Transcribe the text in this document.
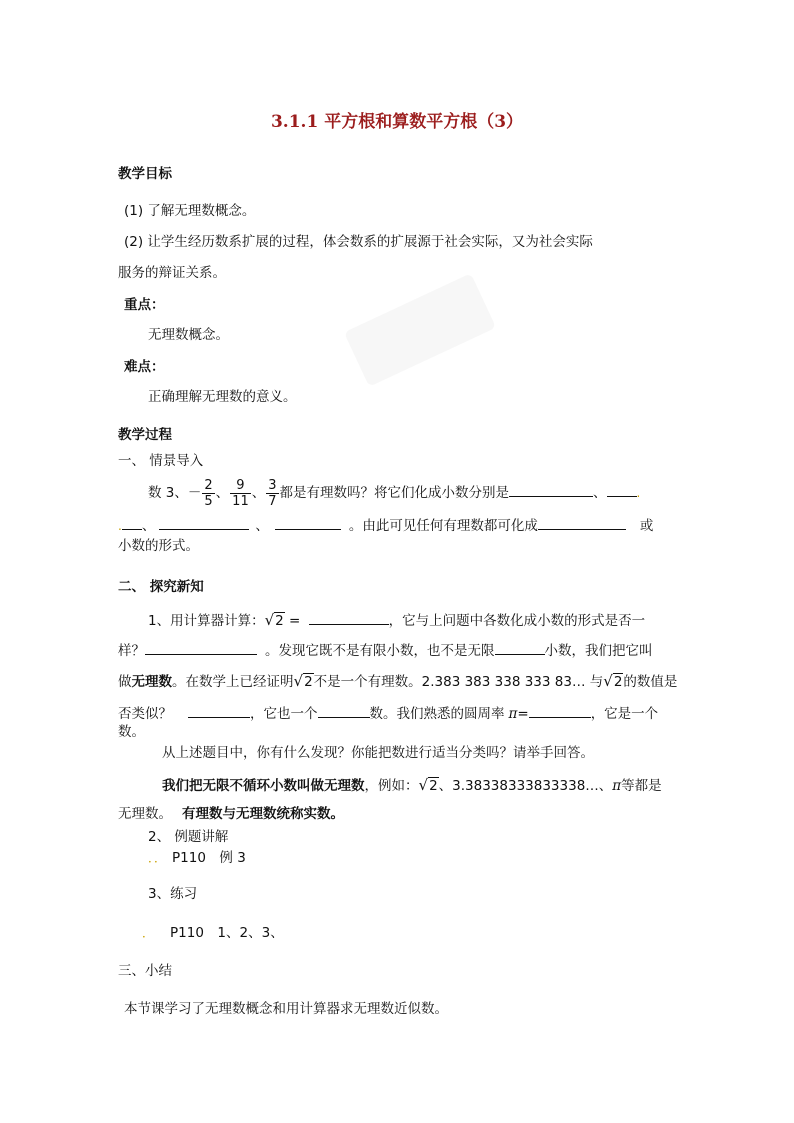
3.1.1 平方根和算数平方根（3）
教学目标
(1) 了解无理数概念。
(2) 让学生经历数系扩展的过程，体会数系的扩展源于社会实际，又为社会实际
服务的辩证关系。
重点：
无理数概念。
难点：
正确理解无理数的意义。
教学过程
一、 情景导入
数 3、－ $\frac{2}{5}$ 、 $\frac{9}{11}$ 、 $\frac{3}{7}$ 都是有理数吗？将它们化成小数分别是	、	.
. 、	、	。由此可见任何有理数都可化成	或
小数的形式。
二、 探究新知
1、用计算器计算：√2 =	，它与上问题中各数化成小数的形式是否一
样？	。发现它既不是有限小数，也不是无限	小数，我们把它叫
做无理数。在数学上已经证明√2不是一个有理数。2.383 383 338 333 83… 与√2的数值是
否类似？	，它也一个	数。我们熟悉的圆周率 π=	，它是一个
数。
从上述题目中，你有什么发现？你能把数进行适当分类吗？请举手回答。
我们把无限不循环小数叫做无理数，例如：√2、3.38338333833338…、π等都是
无理数。 有理数与无理数统称实数。
2、 例题讲解
．． P110　例 3
3、练习
． P110　1、2、3、
三、小结
本节课学习了无理数概念和用计算器求无理数近似数。
